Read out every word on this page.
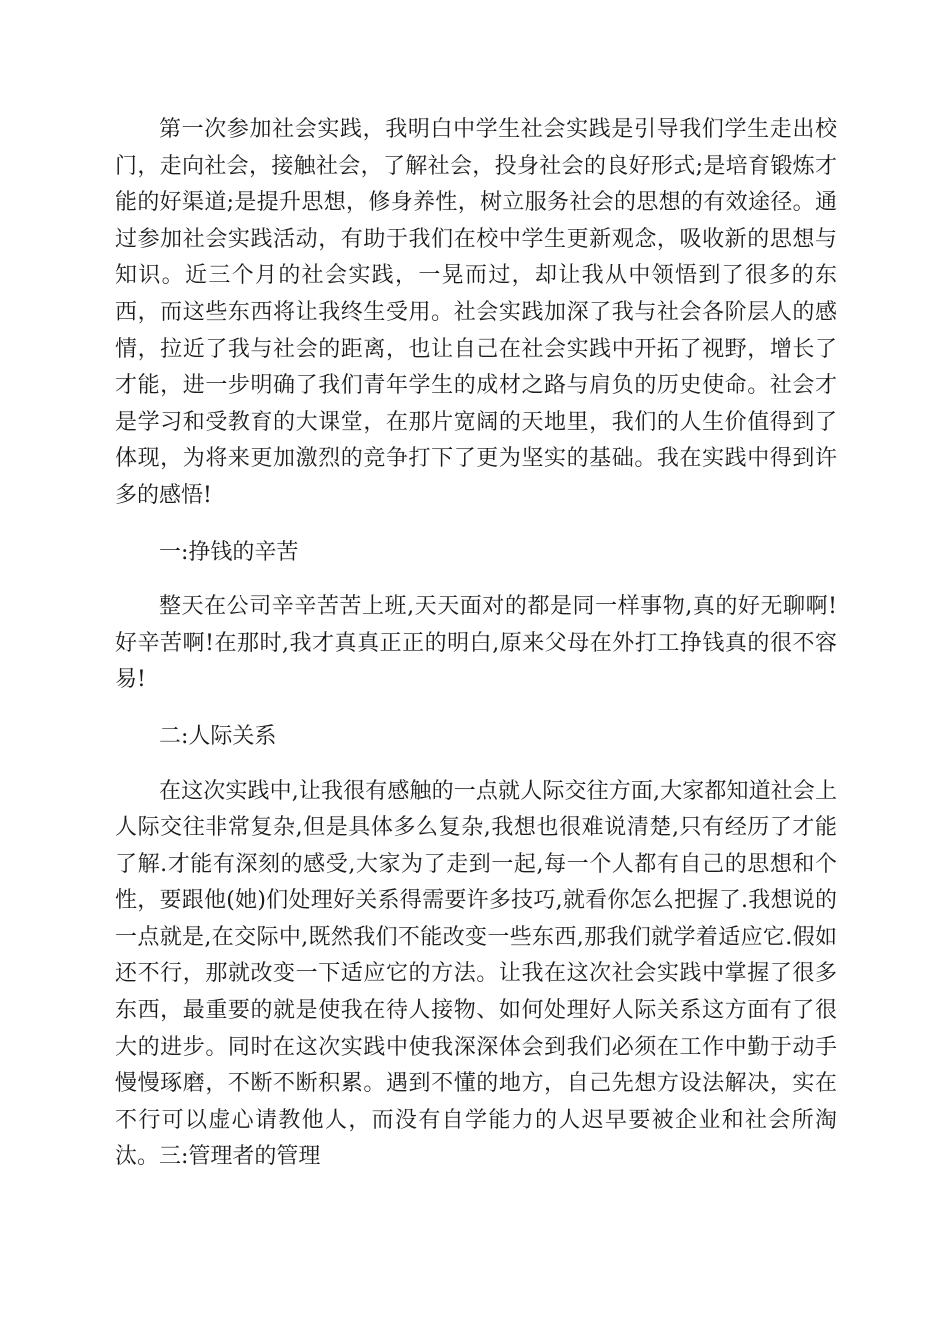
第一次参加社会实践，我明白中学生社会实践是引导我们学生走出校门，走向社会，接触社会，了解社会，投身社会的良好形式;是培育锻炼才能的好渠道;是提升思想，修身养性，树立服务社会的思想的有效途径。通过参加社会实践活动，有助于我们在校中学生更新观念，吸收新的思想与知识。近三个月的社会实践，一晃而过，却让我从中领悟到了很多的东西，而这些东西将让我终生受用。社会实践加深了我与社会各阶层人的感情，拉近了我与社会的距离，也让自己在社会实践中开拓了视野，增长了才能，进一步明确了我们青年学生的成材之路与肩负的历史使命。社会才是学习和受教育的大课堂，在那片宽阔的天地里，我们的人生价值得到了体现，为将来更加激烈的竞争打下了更为坚实的基础。我在实践中得到许多的感悟!

一:挣钱的辛苦

整天在公司辛辛苦苦上班,天天面对的都是同一样事物,真的好无聊啊!好辛苦啊!在那时,我才真真正正的明白,原来父母在外打工挣钱真的很不容易!

二:人际关系

在这次实践中,让我很有感触的一点就人际交往方面,大家都知道社会上人际交往非常复杂,但是具体多么复杂,我想也很难说清楚,只有经历了才能了解.才能有深刻的感受,大家为了走到一起,每一个人都有自己的思想和个性，要跟他(她)们处理好关系得需要许多技巧,就看你怎么把握了.我想说的一点就是,在交际中,既然我们不能改变一些东西,那我们就学着适应它.假如还不行，那就改变一下适应它的方法。让我在这次社会实践中掌握了很多东西，最重要的就是使我在待人接物、如何处理好人际关系这方面有了很大的进步。同时在这次实践中使我深深体会到我们必须在工作中勤于动手慢慢琢磨，不断不断积累。遇到不懂的地方，自己先想方设法解决，实在不行可以虚心请教他人，而没有自学能力的人迟早要被企业和社会所淘汰。三:管理者的管理
